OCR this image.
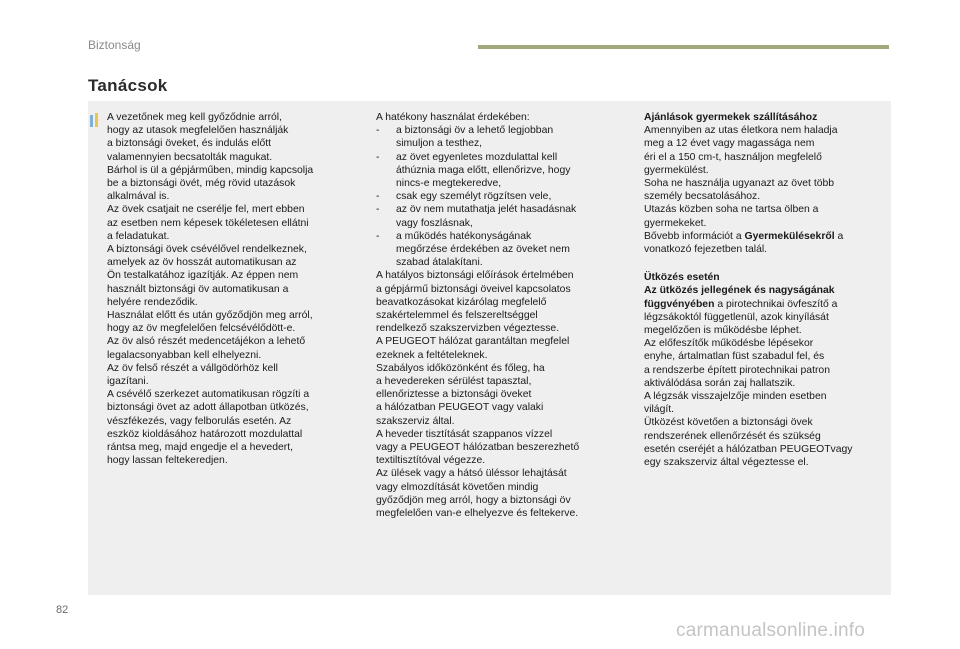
Biztonság
Tanácsok

A vezetőnek meg kell győződnie arról,
hogy az utasok megfelelően használják
a biztonsági öveket, és indulás előtt
valamennyien becsatolták magukat.
Bárhol is ül a gépjárműben, mindig kapcsolja
be a biztonsági övét, még rövid utazások
alkalmával is.
Az övek csatjait ne cserélje fel, mert ebben
az esetben nem képesek tökéletesen ellátni
a feladatukat.
A biztonsági övek csévélővel rendelkeznek,
amelyek az öv hosszát automatikusan az
Ön testalkatához igazítják. Az éppen nem
használt biztonsági öv automatikusan a
helyére rendeződik.
Használat előtt és után győződjön meg arról,
hogy az öv megfelelően felcsévélődött-e.
Az öv alsó részét medencetájékon a lehető
legalacsonyabban kell elhelyezni.
Az öv felső részét a vállgödörhöz kell
igazítani.
A csévélő szerkezet automatikusan rögzíti a
biztonsági övet az adott állapotban ütközés,
vészfékezés, vagy felborulás esetén. Az
eszköz kioldásához határozott mozdulattal
rántsa meg, majd engedje el a hevedert,
hogy lassan feltekeredjen.

A hatékony használat érdekében:
-	a biztonsági öv a lehető legjobban
simuljon a testhez,
-	az övet egyenletes mozdulattal kell
áthúznia maga előtt, ellenőrizve, hogy
nincs-e megtekeredve,
-	csak egy személyt rögzítsen vele,
-	az öv nem mutathatja jelét hasadásnak
vagy foszlásnak,
-	a működés hatékonyságának
megőrzése érdekében az öveket nem
szabad átalakítani.
A hatályos biztonsági előírások értelmében
a gépjármű biztonsági öveivel kapcsolatos
beavatkozásokat kizárólag megfelelő
szakértelemmel és felszereltséggel
rendelkező szakszervizben végeztesse.
A PEUGEOT hálózat garantáltan megfelel
ezeknek a feltételeknek.
Szabályos időközönként és főleg, ha
a hevedereken sérülést tapasztal,
ellenőriztesse a biztonsági öveket
a hálózatban PEUGEOT vagy valaki
szakszerviz által.
A heveder tisztítását szappanos vízzel
vagy a PEUGEOT hálózatban beszerezhető
textiltisztítóval végezze.
Az ülések vagy a hátsó üléssor lehajtását
vagy elmozdítását követően mindig
győződjön meg arról, hogy a biztonsági öv
megfelelően van-e elhelyezve és feltekerve.

Ajánlások gyermekek szállításához

Amennyiben az utas életkora nem haladja
meg a 12 évet vagy magassága nem
éri el a 150 cm-t, használjon megfelelő
gyermekülést.
Soha ne használja ugyanazt az övet több
személy becsatolásához.
Utazás közben soha ne tartsa ölben a
gyermekeket.

Bővebb információt a Gyermekülésekről a
vonatkozó fejezetben talál.

Ütközés esetén

Az ütközés jellegének és nagyságának
függvényében a pirotechnikai övfeszítő a
légzsákoktól függetlenül, azok kinyílását
megelőzően is működésbe léphet.

Az előfeszítők működésbe lépésekor
enyhe, ártalmatlan füst szabadul fel, és
a rendszerbe épített pirotechnikai patron
aktiválódása során zaj hallatszik.
A légzsák visszajelzője minden esetben
világít.
Ütközést követően a biztonsági övek
rendszerének ellenőrzését és szükség
esetén cseréjét a hálózatban PEUGEOTvagy
egy szakszerviz által végeztesse el.

82
carmanualsonline.info
